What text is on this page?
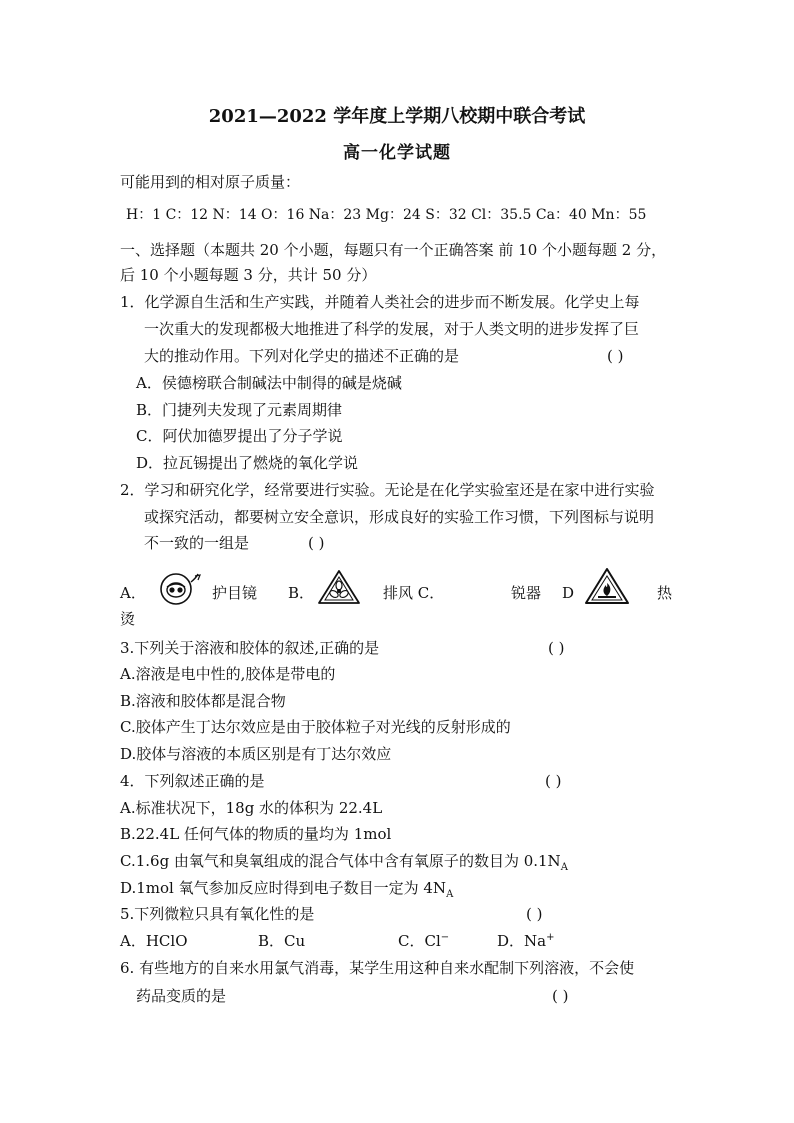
2021—2022 学年度上学期八校期中联合考试
高一化学试题
可能用到的相对原子质量：
H：1 C：12 N：14 O：16 Na：23 Mg：24 S：32 Cl：35.5 Ca：40 Mn：55
一、选择题（本题共 20 个小题，每题只有一个正确答案 前 10 个小题每题 2 分，
后 10 个小题每题 3 分，共计 50 分）
1．化学源自生活和生产实践，并随着人类社会的进步而不断发展。化学史上每
一次重大的发现都极大地推进了科学的发展，对于人类文明的进步发挥了巨
大的推动作用。下列对化学史的描述不正确的是	( )
A．侯德榜联合制碱法中制得的碱是烧碱
B．门捷列夫发现了元素周期律
C．阿伏加德罗提出了分子学说
D．拉瓦锡提出了燃烧的氧化学说
2．学习和研究化学，经常要进行实验。无论是在化学实验室还是在家中进行实验
或探究活动，都要树立安全意识，形成良好的实验工作习惯，下列图标与说明
不一致的一组是	( )
A．	护目镜 B．	排风 C．	锐器 D	热
烫
3.下列关于溶液和胶体的叙述,正确的是	( )
A.溶液是电中性的,胶体是带电的
B.溶液和胶体都是混合物
C.胶体产生丁达尔效应是由于胶体粒子对光线的反射形成的
D.胶体与溶液的本质区别是有丁达尔效应
4．下列叙述正确的是	( )
A.标准状况下，18g 水的体积为 22.4L
B.22.4L 任何气体的物质的量均为 1mol
C.1.6g 由氧气和臭氧组成的混合气体中含有氧原子的数目为 $0.1N_A$
D.1mol 氧气参加反应时得到电子数目一定为 $4N_A$
5.下列微粒只具有氧化性的是	( )
A．HClO	B．Cu	C．Cl−	D．Na+
6. 有些地方的自来水用氯气消毒，某学生用这种自来水配制下列溶液，不会使
药品变质的是	( )
